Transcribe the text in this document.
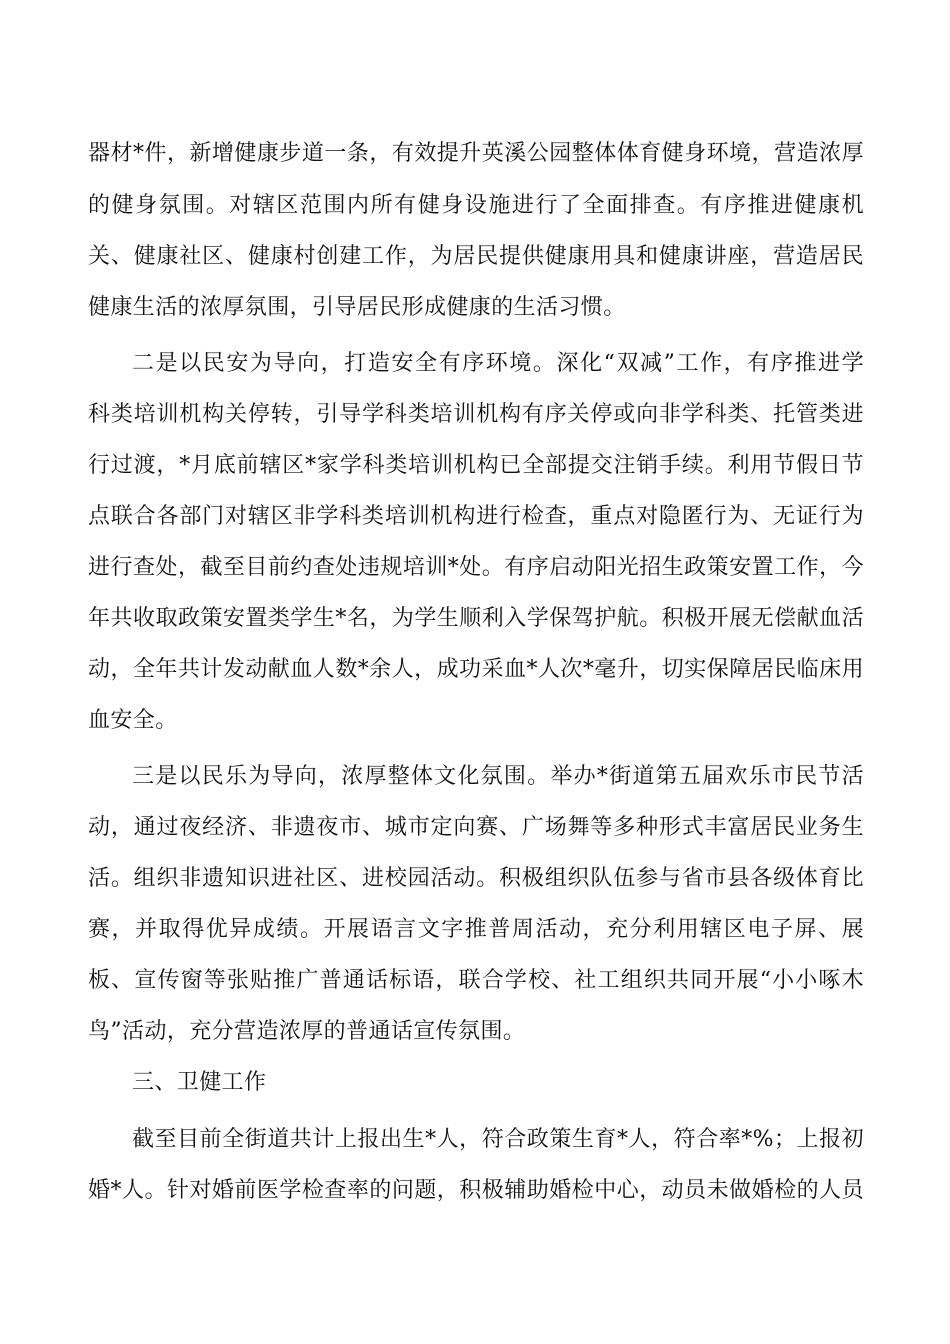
器材*件，新增健康步道一条，有效提升英溪公园整体体育健身环境，营造浓厚
的健身氛围。对辖区范围内所有健身设施进行了全面排查。有序推进健康机
关、健康社区、健康村创建工作，为居民提供健康用具和健康讲座，营造居民
健康生活的浓厚氛围，引导居民形成健康的生活习惯。
二是以民安为导向，打造安全有序环境。深化“双减”工作，有序推进学
科类培训机构关停转，引导学科类培训机构有序关停或向非学科类、托管类进
行过渡，*月底前辖区*家学科类培训机构已全部提交注销手续。利用节假日节
点联合各部门对辖区非学科类培训机构进行检查，重点对隐匿行为、无证行为
进行查处，截至目前约查处违规培训*处。有序启动阳光招生政策安置工作，今
年共收取政策安置类学生*名，为学生顺利入学保驾护航。积极开展无偿献血活
动，全年共计发动献血人数*余人，成功采血*人次*毫升，切实保障居民临床用
血安全。
三是以民乐为导向，浓厚整体文化氛围。举办*街道第五届欢乐市民节活
动，通过夜经济、非遗夜市、城市定向赛、广场舞等多种形式丰富居民业务生
活。组织非遗知识进社区、进校园活动。积极组织队伍参与省市县各级体育比
赛，并取得优异成绩。开展语言文字推普周活动，充分利用辖区电子屏、展
板、宣传窗等张贴推广普通话标语，联合学校、社工组织共同开展“小小啄木
鸟”活动，充分营造浓厚的普通话宣传氛围。
三、卫健工作
截至目前全街道共计上报出生*人，符合政策生育*人，符合率*%；上报初
婚*人。针对婚前医学检查率的问题，积极辅助婚检中心，动员未做婚检的人员
